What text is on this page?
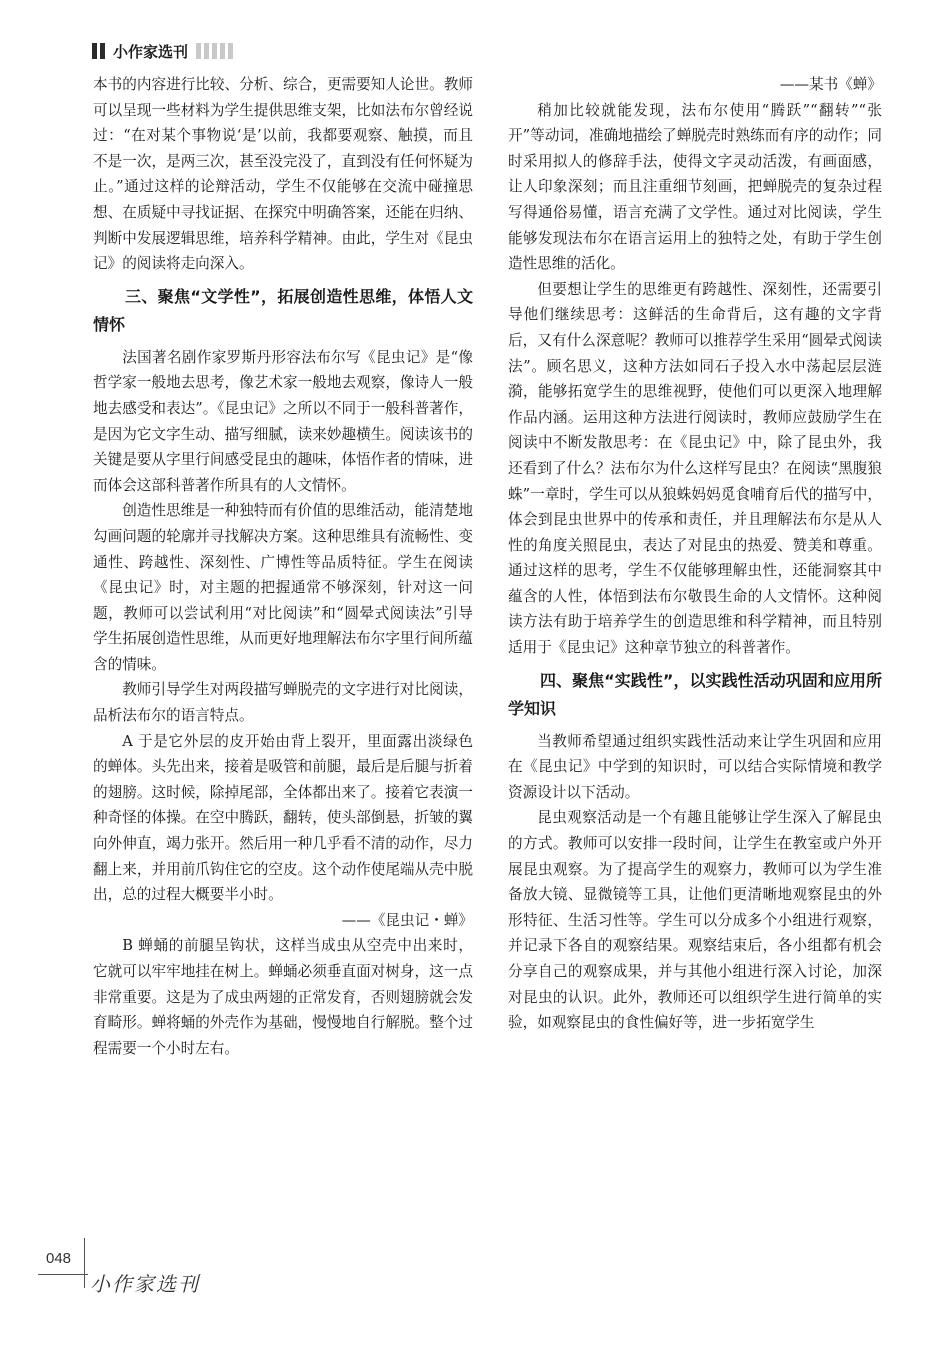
小作家选刊

本书的内容进行比较、分析、综合，更需要知人论世。教师可以呈现一些材料为学生提供思维支架，比如法布尔曾经说过：“在对某个事物说‘是’以前，我都要观察、触摸，而且不是一次，是两三次，甚至没完没了，直到没有任何怀疑为止。”通过这样的论辩活动，学生不仅能够在交流中碰撞思想、在质疑中寻找证据、在探究中明确答案，还能在归纳、判断中发展逻辑思维，培养科学精神。由此，学生对《昆虫记》的阅读将走向深入。

三、聚焦“文学性”，拓展创造性思维，体悟人文情怀

法国著名剧作家罗斯丹形容法布尔写《昆虫记》是“像哲学家一般地去思考，像艺术家一般地去观察，像诗人一般地去感受和表达”。《昆虫记》之所以不同于一般科普著作，是因为它文字生动、描写细腻，读来妙趣横生。阅读该书的关键是要从字里行间感受昆虫的趣味，体悟作者的情味，进而体会这部科普著作所具有的人文情怀。

创造性思维是一种独特而有价值的思维活动，能清楚地勾画问题的轮廓并寻找解决方案。这种思维具有流畅性、变通性、跨越性、深刻性、广博性等品质特征。学生在阅读《昆虫记》时，对主题的把握通常不够深刻，针对这一问题，教师可以尝试利用“对比阅读”和“圆晕式阅读法”引导学生拓展创造性思维，从而更好地理解法布尔字里行间所蕴含的情味。

教师引导学生对两段描写蝉脱壳的文字进行对比阅读，品析法布尔的语言特点。

A 于是它外层的皮开始由背上裂开，里面露出淡绿色的蝉体。头先出来，接着是吸管和前腿，最后是后腿与折着的翅膀。这时候，除掉尾部，全体都出来了。接着它表演一种奇怪的体操。在空中腾跃，翻转，使头部倒悬，折皱的翼向外伸直，竭力张开。然后用一种几乎看不清的动作，尽力翻上来，并用前爪钩住它的空皮。这个动作使尾端从壳中脱出，总的过程大概要半小时。

——《昆虫记・蝉》

B 蝉蛹的前腿呈钩状，这样当成虫从空壳中出来时，它就可以牢牢地挂在树上。蝉蛹必须垂直面对树身，这一点非常重要。这是为了成虫两翅的正常发育，否则翅膀就会发育畸形。蝉将蛹的外壳作为基础，慢慢地自行解脱。整个过程需要一个小时左右。

——某书《蝉》

稍加比较就能发现，法布尔使用“腾跃”“翻转”“张开”等动词，准确地描绘了蝉脱壳时熟练而有序的动作；同时采用拟人的修辞手法，使得文字灵动活泼，有画面感，让人印象深刻；而且注重细节刻画，把蝉脱壳的复杂过程写得通俗易懂，语言充满了文学性。通过对比阅读，学生能够发现法布尔在语言运用上的独特之处，有助于学生创造性思维的活化。

但要想让学生的思维更有跨越性、深刻性，还需要引导他们继续思考：这鲜活的生命背后，这有趣的文字背后，又有什么深意呢？教师可以推荐学生采用“圆晕式阅读法”。顾名思义，这种方法如同石子投入水中荡起层层涟漪，能够拓宽学生的思维视野，使他们可以更深入地理解作品内涵。运用这种方法进行阅读时，教师应鼓励学生在阅读中不断发散思考：在《昆虫记》中，除了昆虫外，我还看到了什么？法布尔为什么这样写昆虫？在阅读“黑腹狼蛛”一章时，学生可以从狼蛛妈妈觅食哺育后代的描写中，体会到昆虫世界中的传承和责任，并且理解法布尔是从人性的角度关照昆虫，表达了对昆虫的热爱、赞美和尊重。通过这样的思考，学生不仅能够理解虫性，还能洞察其中蕴含的人性，体悟到法布尔敬畏生命的人文情怀。这种阅读方法有助于培养学生的创造思维和科学精神，而且特别适用于《昆虫记》这种章节独立的科普著作。

四、聚焦“实践性”，以实践性活动巩固和应用所学知识

当教师希望通过组织实践性活动来让学生巩固和应用在《昆虫记》中学到的知识时，可以结合实际情境和教学资源设计以下活动。

昆虫观察活动是一个有趣且能够让学生深入了解昆虫的方式。教师可以安排一段时间，让学生在教室或户外开展昆虫观察。为了提高学生的观察力，教师可以为学生准备放大镜、显微镜等工具，让他们更清晰地观察昆虫的外形特征、生活习性等。学生可以分成多个小组进行观察，并记录下各自的观察结果。观察结束后，各小组都有机会分享自己的观察成果，并与其他小组进行深入讨论，加深对昆虫的认识。此外，教师还可以组织学生进行简单的实验，如观察昆虫的食性偏好等，进一步拓宽学生

048
小作家选刊
